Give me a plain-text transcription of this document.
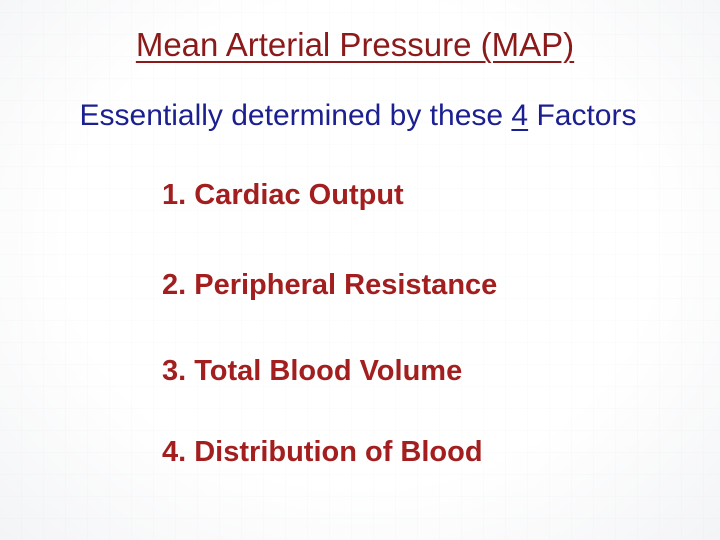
Mean Arterial Pressure (MAP)
Essentially determined by these 4 Factors
1. Cardiac Output
2. Peripheral Resistance
3. Total Blood Volume
4. Distribution of Blood
